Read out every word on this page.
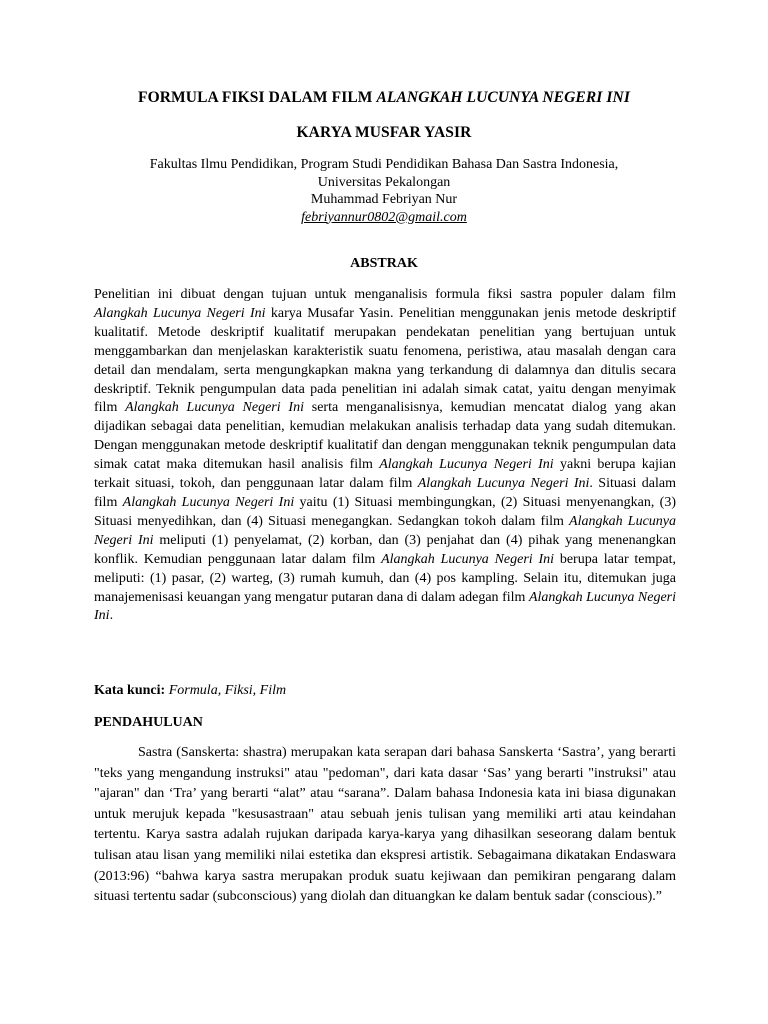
FORMULA FIKSI DALAM FILM ALANGKAH LUCUNYA NEGERI INI
KARYA MUSFAR YASIR
Fakultas Ilmu Pendidikan, Program Studi Pendidikan Bahasa Dan Sastra Indonesia,
Universitas Pekalongan
Muhammad Febriyan Nur
febriyannur0802@gmail.com
ABSTRAK

Penelitian ini dibuat dengan tujuan untuk menganalisis formula fiksi sastra populer dalam film Alangkah Lucunya Negeri Ini karya Musafar Yasin. Penelitian menggunakan jenis metode deskriptif kualitatif. Metode deskriptif kualitatif merupakan pendekatan penelitian yang bertujuan untuk menggambarkan dan menjelaskan karakteristik suatu fenomena, peristiwa, atau masalah dengan cara detail dan mendalam, serta mengungkapkan makna yang terkandung di dalamnya dan ditulis secara deskriptif. Teknik pengumpulan data pada penelitian ini adalah simak catat, yaitu dengan menyimak film Alangkah Lucunya Negeri Ini serta menganalisisnya, kemudian mencatat dialog yang akan dijadikan sebagai data penelitian, kemudian melakukan analisis terhadap data yang sudah ditemukan. Dengan menggunakan metode deskriptif kualitatif dan dengan menggunakan teknik pengumpulan data simak catat maka ditemukan hasil analisis film Alangkah Lucunya Negeri Ini yakni berupa kajian terkait situasi, tokoh, dan penggunaan latar dalam film Alangkah Lucunya Negeri Ini. Situasi dalam film Alangkah Lucunya Negeri Ini yaitu (1) Situasi membingungkan, (2) Situasi menyenangkan, (3) Situasi menyedihkan, dan (4) Situasi menegangkan. Sedangkan tokoh dalam film Alangkah Lucunya Negeri Ini meliputi (1) penyelamat, (2) korban, dan (3) penjahat dan (4) pihak yang menenangkan konflik. Kemudian penggunaan latar dalam film Alangkah Lucunya Negeri Ini berupa latar tempat, meliputi: (1) pasar, (2) warteg, (3) rumah kumuh, dan (4) pos kampling. Selain itu, ditemukan juga manajemenisasi keuangan yang mengatur putaran dana di dalam adegan film Alangkah Lucunya Negeri Ini.

Kata kunci: Formula, Fiksi, Film
PENDAHULUAN

Sastra (Sanskerta: shastra) merupakan kata serapan dari bahasa Sanskerta ‘Sastra’, yang berarti "teks yang mengandung instruksi" atau "pedoman", dari kata dasar ‘Sas’ yang berarti "instruksi" atau "ajaran" dan ‘Tra’ yang berarti “alat” atau “sarana”. Dalam bahasa Indonesia kata ini biasa digunakan untuk merujuk kepada "kesusastraan" atau sebuah jenis tulisan yang memiliki arti atau keindahan tertentu. Karya sastra adalah rujukan daripada karya-karya yang dihasilkan seseorang dalam bentuk tulisan atau lisan yang memiliki nilai estetika dan ekspresi artistik. Sebagaimana dikatakan Endaswara (2013:96) “bahwa karya sastra merupakan produk suatu kejiwaan dan pemikiran pengarang dalam situasi tertentu sadar (subconscious) yang diolah dan dituangkan ke dalam bentuk sadar (conscious).”
